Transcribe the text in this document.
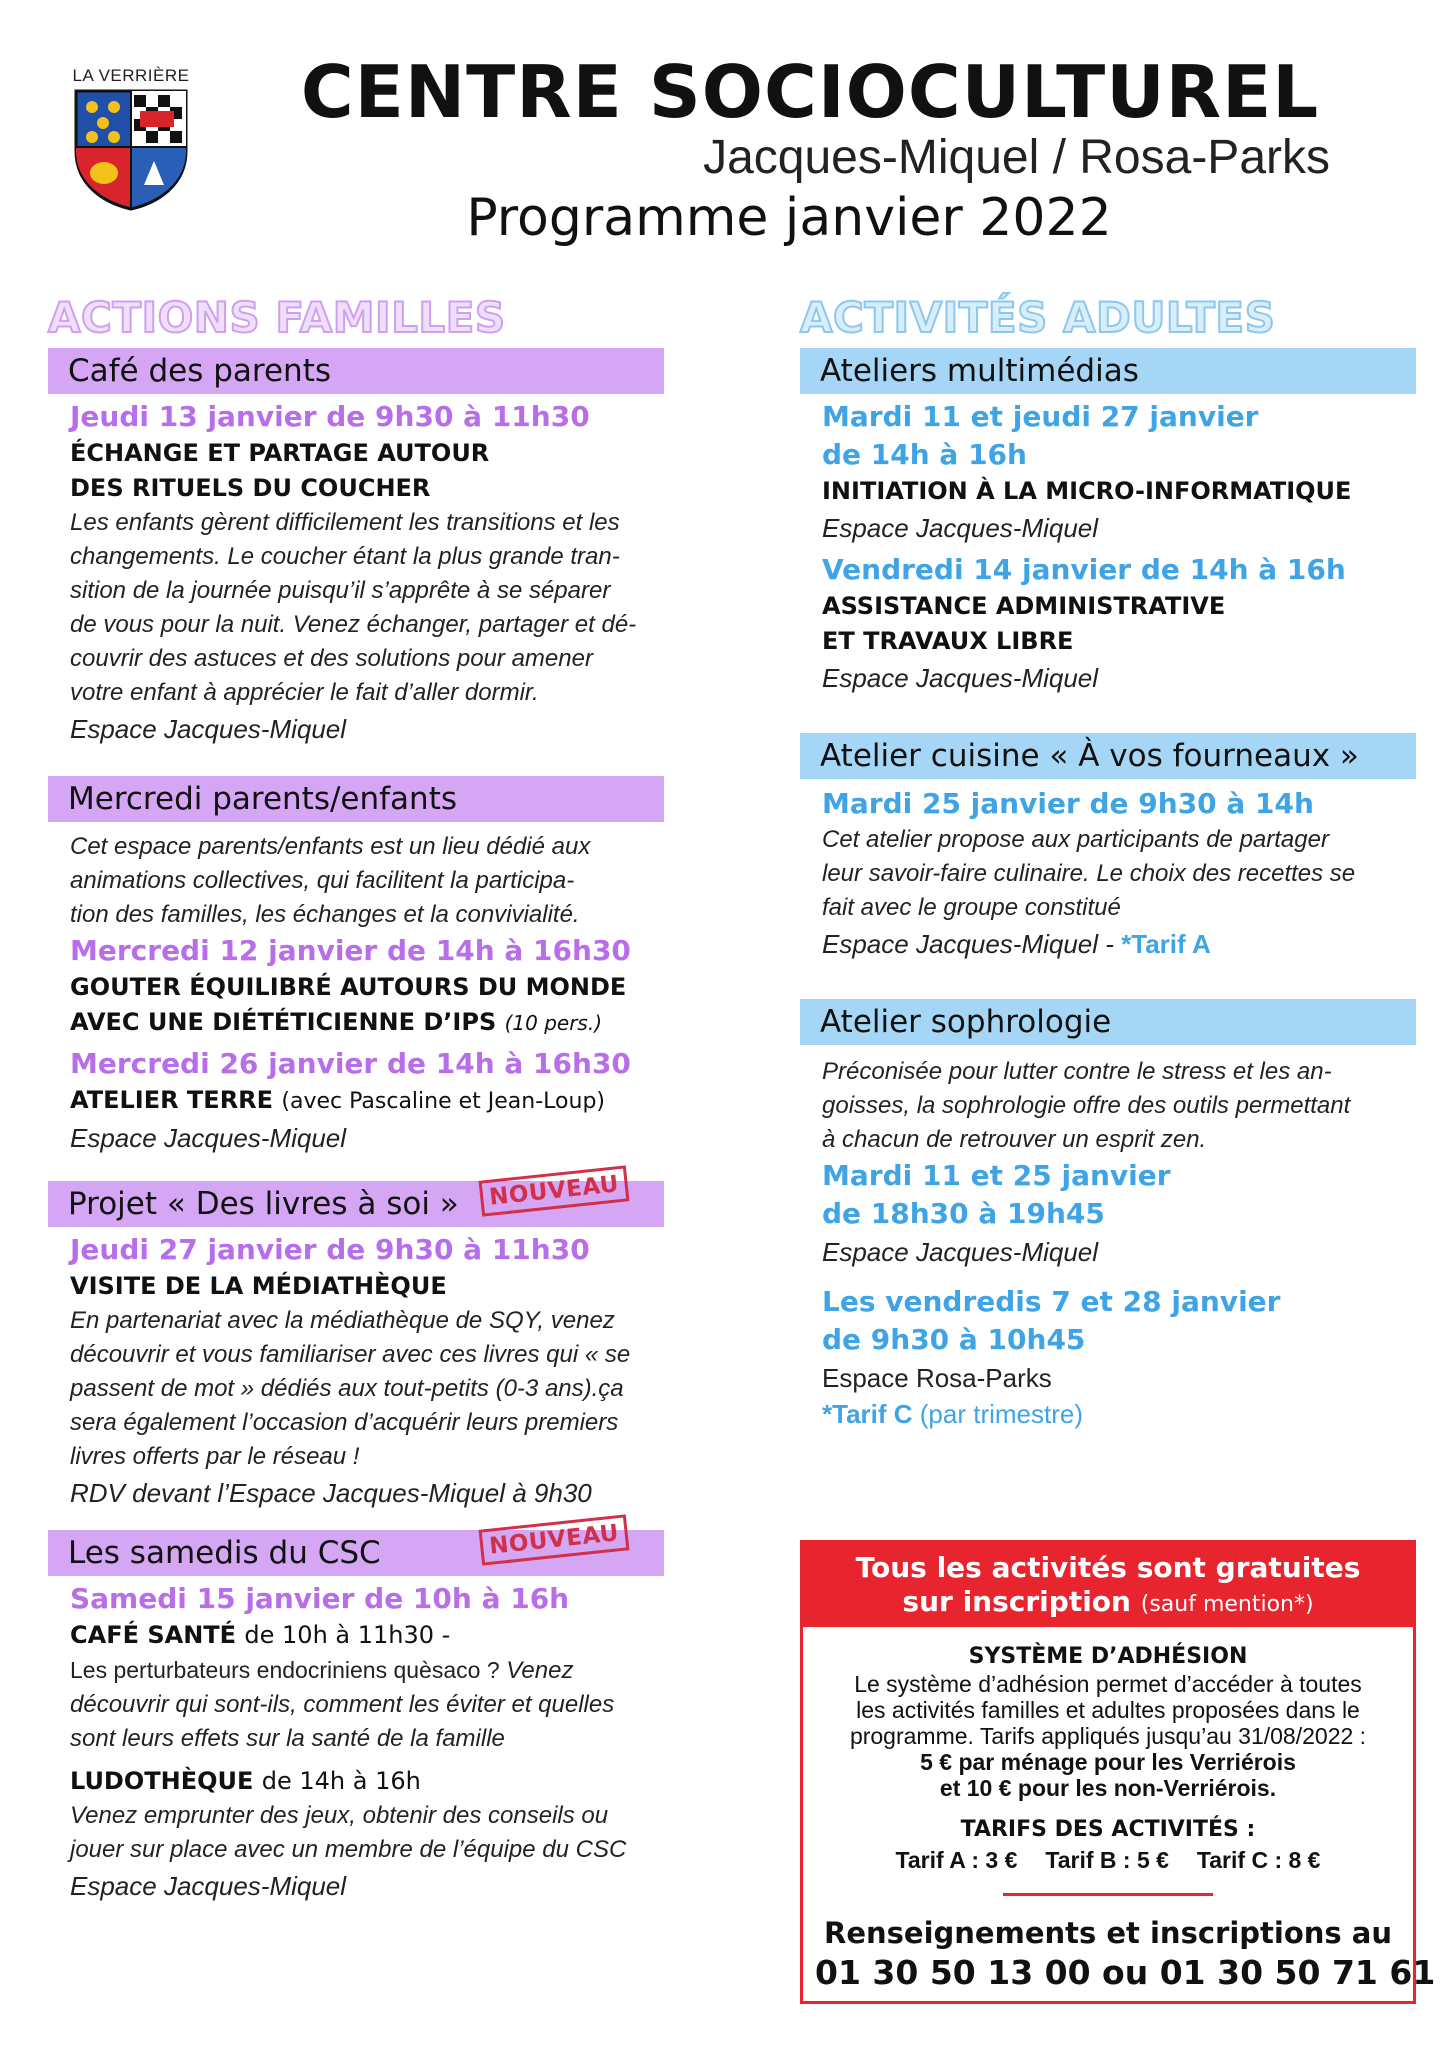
LA VERRIÈRE CENTRE SOCIOCULTUREL
Jacques-Miquel / Rosa-Parks
Programme janvier 2022
ACTIONS FAMILLES
Café des parents
Jeudi 13 janvier de 9h30 à 11h30
ÉCHANGE ET PARTAGE AUTOUR
DES RITUELS DU COUCHER
Les enfants gèrent difficilement les transitions et les
changements. Le coucher étant la plus grande tran-
sition de la journée puisqu’il s’apprête à se séparer
de vous pour la nuit. Venez échanger, partager et dé-
couvrir des astuces et des solutions pour amener
votre enfant à apprécier le fait d’aller dormir.
Espace Jacques-Miquel
Mercredi parents/enfants
Cet espace parents/enfants est un lieu dédié aux
animations collectives, qui facilitent la participa-
tion des familles, les échanges et la convivialité.
Mercredi 12 janvier de 14h à 16h30
GOUTER ÉQUILIBRÉ AUTOURS DU MONDE
AVEC UNE DIÉTÉTICIENNE D’IPS (10 pers.)
Mercredi 26 janvier de 14h à 16h30
ATELIER TERRE (avec Pascaline et Jean-Loup)
Espace Jacques-Miquel
Projet « Des livres à soi »	NOUVEAU
Jeudi 27 janvier de 9h30 à 11h30
VISITE DE LA MÉDIATHÈQUE
En partenariat avec la médiathèque de SQY, venez
découvrir et vous familiariser avec ces livres qui « se
passent de mot » dédiés aux tout-petits (0-3 ans).ça
sera également l’occasion d’acquérir leurs premiers
livres offerts par le réseau !
RDV devant l’Espace Jacques-Miquel à 9h30
Les samedis du CSC	NOUVEAU
Samedi 15 janvier de 10h à 16h
CAFÉ SANTÉ de 10h à 11h30 -
Les perturbateurs endocriniens quèsaco ? Venez
découvrir qui sont-ils, comment les éviter et quelles
sont leurs effets sur la santé de la famille
LUDOTHÈQUE de 14h à 16h
Venez emprunter des jeux, obtenir des conseils ou
jouer sur place avec un membre de l’équipe du CSC
Espace Jacques-Miquel
ACTIVITÉS ADULTES
Ateliers multimédias
Mardi 11 et jeudi 27 janvier
de 14h à 16h
INITIATION À LA MICRO-INFORMATIQUE
Espace Jacques-Miquel
Vendredi 14 janvier de 14h à 16h
ASSISTANCE ADMINISTRATIVE
ET TRAVAUX LIBRE
Espace Jacques-Miquel
Atelier cuisine « À vos fourneaux »
Mardi 25 janvier de 9h30 à 14h
Cet atelier propose aux participants de partager
leur savoir-faire culinaire. Le choix des recettes se
fait avec le groupe constitué
Espace Jacques-Miquel - *Tarif A
Atelier sophrologie
Préconisée pour lutter contre le stress et les an-
goisses, la sophrologie offre des outils permettant
à chacun de retrouver un esprit zen.
Mardi 11 et 25 janvier
de 18h30 à 19h45
Espace Jacques-Miquel
Les vendredis 7 et 28 janvier
de 9h30 à 10h45
Espace Rosa-Parks
*Tarif C (par trimestre)
Tous les activités sont gratuites
sur inscription (sauf mention*)
SYSTÈME D’ADHÉSION
Le système d’adhésion permet d’accéder à toutes
les activités familles et adultes proposées dans le
programme. Tarifs appliqués jusqu’au 31/08/2022 :
5 € par ménage pour les Verriérois
et 10 € pour les non-Verriérois.
TARIFS DES ACTIVITÉS :
Tarif A : 3 € Tarif B : 5 € Tarif C : 8 €
Renseignements et inscriptions au
01 30 50 13 00 ou 01 30 50 71 61
